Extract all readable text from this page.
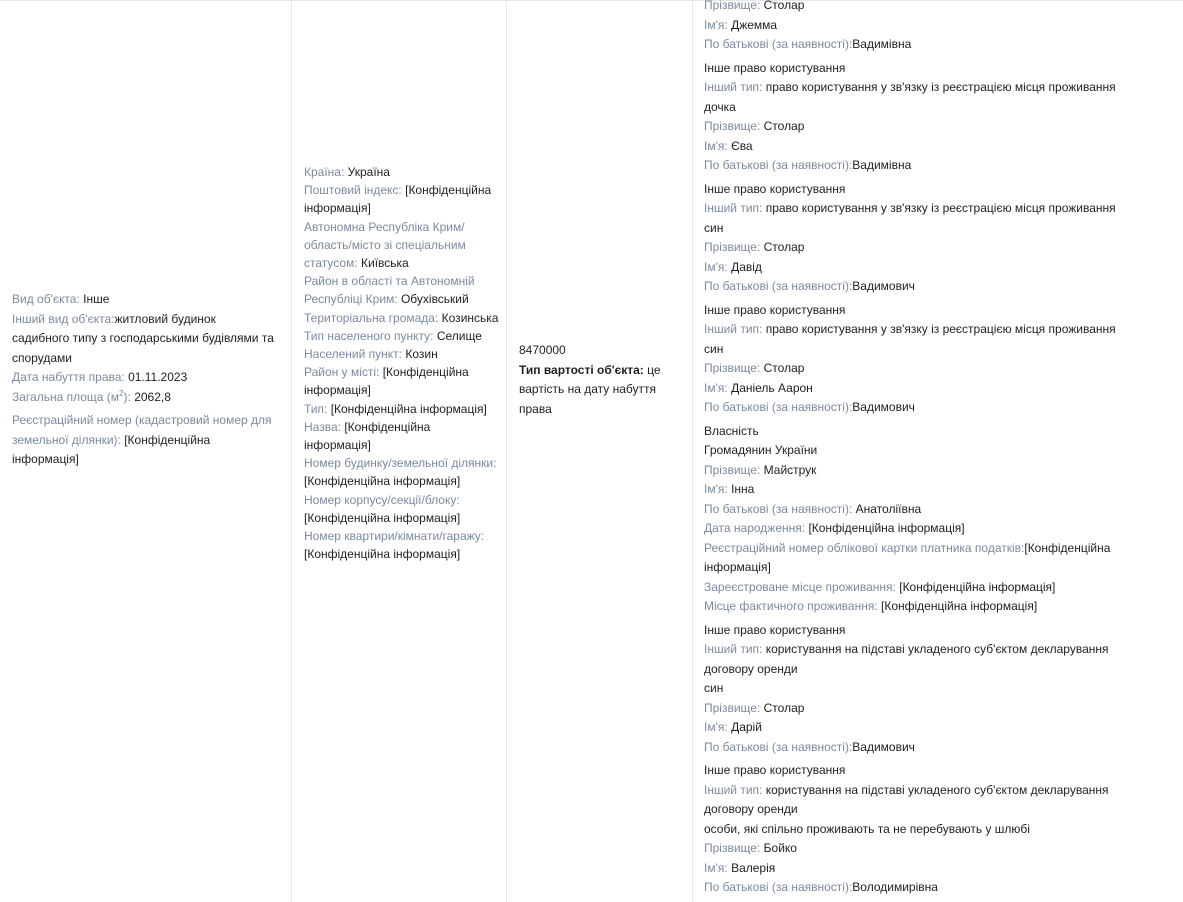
Вид об'єкта: Інше
Інший вид об'єкта:житловий будинок садибного типу з господарськими будівлями та спорудами
Дата набуття права: 01.11.2023
Загальна площа $(м^2)$: 2062,8
Реєстраційний номер (кадастровий номер для земельної ділянки): [Конфіденційна інформація]
Країна: Україна
Поштовий індекс: [Конфіденційна інформація]
Автономна Республіка Крим/ область/місто зі спеціальним статусом: Київська
Район в області та Автономній Республіці Крим: Обухівський
Територіальна громада: Козинська
Тип населеного пункту: Селище
Населений пункт: Козин
Район у місті: [Конфіденційна інформація]
Тип: [Конфіденційна інформація]
Назва: [Конфіденційна інформація]
Номер будинку/земельної ділянки: [Конфіденційна інформація]
Номер корпусу/секції/блоку: [Конфіденційна інформація]
Номер квартири/кімнати/гаражу: [Конфіденційна інформація]
8470000
Тип вартості об'єкта: це вартість на дату набуття права
Прізвище: Столар
Ім'я: Джемма
По батькові (за наявності):Вадимівна
Інше право користування
Інший тип: право користування у зв'язку із реєстрацією місця проживання
дочка
Прізвище: Столар
Ім'я: Єва
По батькові (за наявності):Вадимівна
Інше право користування
Інший тип: право користування у зв'язку із реєстрацією місця проживання
син
Прізвище: Столар
Ім'я: Давід
По батькові (за наявності):Вадимович
Інше право користування
Інший тип: право користування у зв'язку із реєстрацією місця проживання
син
Прізвище: Столар
Ім'я: Даніель Аарон
По батькові (за наявності):Вадимович
Власність
Громадянин України
Прізвище: Майструк
Ім'я: Інна
По батькові (за наявності): Анатоліївна
Дата народження: [Конфіденційна інформація]
Реєстраційний номер облікової картки платника податків:[Конфіденційна інформація]
Зареєстроване місце проживання: [Конфіденційна інформація]
Місце фактичного проживання: [Конфіденційна інформація]
Інше право користування
Інший тип: користування на підставі укладеного суб'єктом декларування договору оренди
син
Прізвище: Столар
Ім'я: Дарій
По батькові (за наявності):Вадимович
Інше право користування
Інший тип: користування на підставі укладеного суб'єктом декларування договору оренди
особи, які спільно проживають та не перебувають у шлюбі
Прізвище: Бойко
Ім'я: Валерія
По батькові (за наявності):Володимирівна
